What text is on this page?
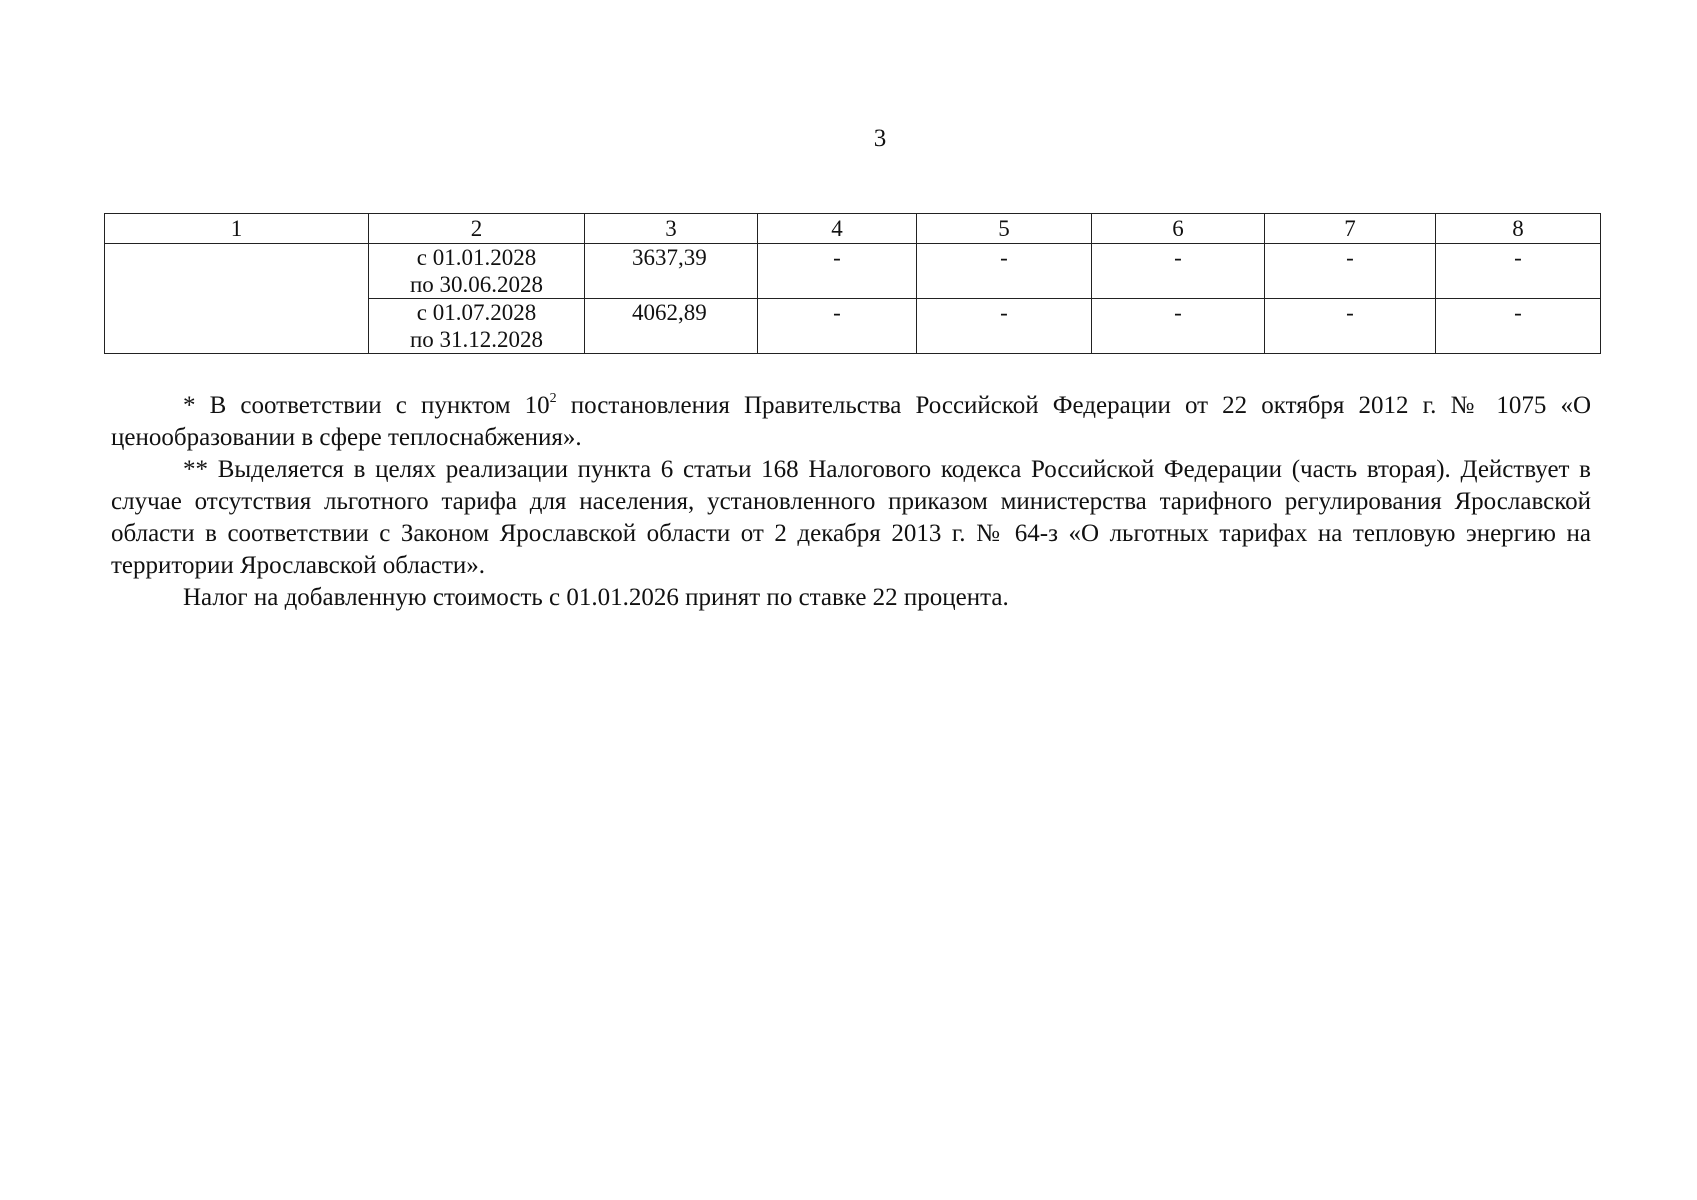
3
1	2	3	4	5	6	7	8

	с 01.01.2028
по 30.06.2028	3637,39	-	-	-	-	-

	с 01.07.2028
по 31.12.2028	4062,89	-	-	-	-	-

* В соответствии с пунктом $10^2$ постановления Правительства Российской Федерации от 22 октября 2012 г. № 1075 «О ценообразовании в сфере теплоснабжения».

** Выделяется в целях реализации пункта 6 статьи 168 Налогового кодекса Российской Федерации (часть вторая). Действует в случае отсутствия льготного тарифа для населения, установленного приказом министерства тарифного регулирования Ярославской области в соответствии с Законом Ярославской области от 2 декабря 2013 г. № 64-з «О льготных тарифах на тепловую энергию на территории Ярославской области».

Налог на добавленную стоимость с 01.01.2026 принят по ставке 22 процента.
